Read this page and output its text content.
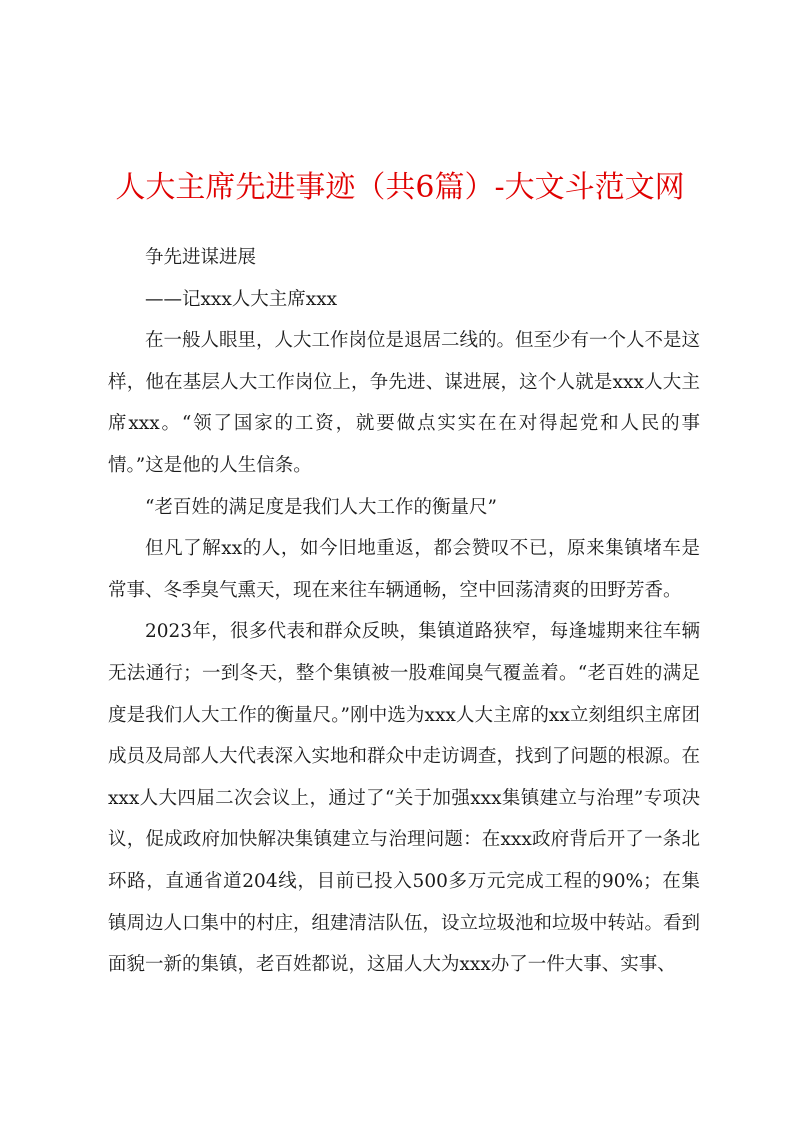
人大主席先进事迹（共6篇）-大文斗范文网

争先进谋进展

——记xxx人大主席xxx

在一般人眼里，人大工作岗位是退居二线的。但至少有一个人不是这样，他在基层人大工作岗位上，争先进、谋进展，这个人就是xxx人大主席xxx。“领了国家的工资，就要做点实实在在对得起党和人民的事情。”这是他的人生信条。

“老百姓的满足度是我们人大工作的衡量尺”

但凡了解xx的人，如今旧地重返，都会赞叹不已，原来集镇堵车是常事、冬季臭气熏天，现在来往车辆通畅，空中回荡清爽的田野芳香。

2023年，很多代表和群众反映，集镇道路狭窄，每逢墟期来往车辆无法通行；一到冬天，整个集镇被一股难闻臭气覆盖着。“老百姓的满足度是我们人大工作的衡量尺。”刚中选为xxx人大主席的xx立刻组织主席团成员及局部人大代表深入实地和群众中走访调查，找到了问题的根源。在xxx人大四届二次会议上，通过了“关于加强xxx集镇建立与治理”专项决议，促成政府加快解决集镇建立与治理问题：在xxx政府背后开了一条北环路，直通省道204线，目前已投入500多万元完成工程的90%；在集镇周边人口集中的村庄，组建清洁队伍，设立垃圾池和垃圾中转站。看到面貌一新的集镇，老百姓都说，这届人大为xxx办了一件大事、实事、
